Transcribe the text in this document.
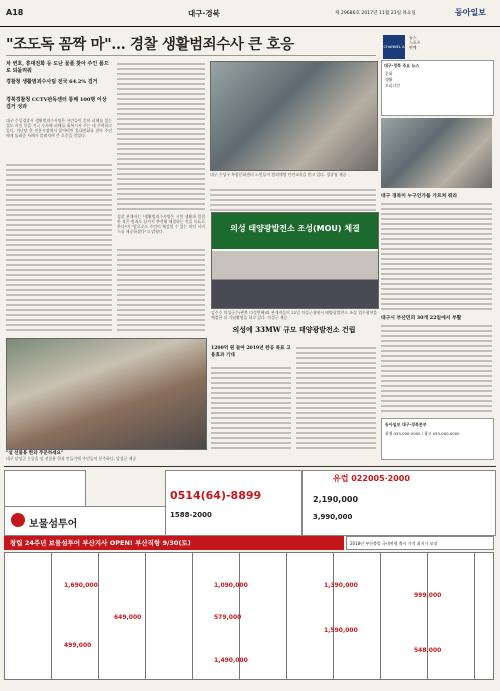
A18	대구·경북	제 29686호 2017년 11월 23일 목요일	동아일보
"조도독 꼼짝 마"… 경찰 생활범죄수사 큰 호응
차 번호, 휴대전화 등 도난 물품 찾아 주인 품으로 되돌려줘
경찰청 생활범죄수사팀 전국 64.2% 검거
경북경찰청 CCTV판독센터 통해 100명 이상 검거 성과
대구 수성경찰서 생활범죄수사팀은 서민들이 흔히 피해를 입는 절도 사건 등을 적극 수사해 피해를 회복시켜 주는 데 주력하고 있다. 지난달 한 전통시장에서 잃어버린 휴대전화를 찾아 주인에게 돌려준 사례가 알려지며 큰 호응을 얻었다.
경찰 관계자는 "생활범죄수사팀은 시민 생활과 밀접한 작은 범죄도 끝까지 추적해 해결하는 것을 목표로 한다"며 "앞으로도 주민이 체감할 수 있는 치안 서비스를 제공하겠다"고 밝혔다.
대구 수성구 복합문화센터 노인들이 범죄예방 안전교육을 받고 있다. 경찰청 제공
"설 선물용 한과 주문하세요"
대구 달성군 논공읍 설 선물용 한과 만들기에 주민들이 분주하다. 달성군 제공
의성 태양광발전소 조성(MOU) 체결
김주수 의성군수(왼쪽 다섯번째)와 관계자들이 22일 의성군청에서 태양광발전소 조성 업무협약을 체결한 뒤 기념촬영을 하고 있다. 의성군 제공
의성에 33MW 규모 태양광발전소 건립
1200억 원 들여 2019년 완공 목표 고용효과 기대
CHANNEL A
뉴스
스포츠
연예
대구·경북 주요 뉴스
문화
생활
오피니언
대구 경북이 누구인가를 가르쳐 줘라
대구시 부산민의 30개 22일에서 부활
동아일보 대구·경북본부
취재 053-000-0000 / 광고 053-000-0000
보물섬투어
0514(64)-8899
1588-2000
유럽 022005·2000
2,190,000
3,990,000
창립 24주년 보물섬투어 부산지사 OPEN! 부산직항 9/30(토)	2018년 부산출발 국내여행 출시 가격 최저가 보장
1,690,000
649,000
499,000
1,090,000
579,000
1,490,000
1,390,000
1,590,000
999,000
548,000
